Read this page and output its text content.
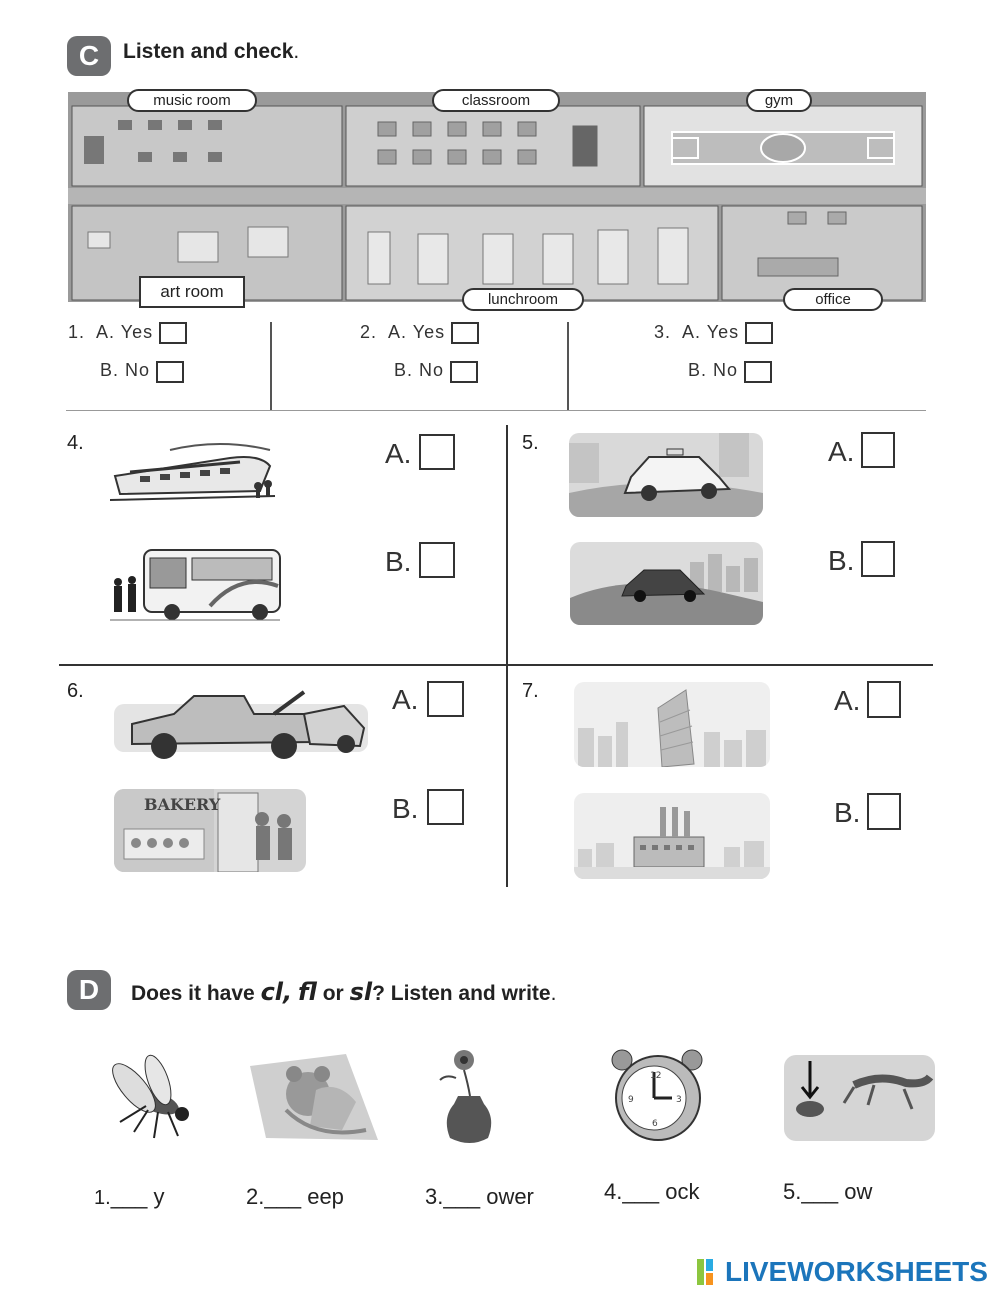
C Listen and check.
music room	classroom	gym
art room	lunchroom	office
1. A. Yes
B. No
2. A. Yes
B. No
3. A. Yes
B. No
4.	A.
B.
5.	A.
B.
6.	A.
BAKERY	B.
7.	A.
B.
D Does it have cl, fl or sl? Listen and write.
12
3
6
9
1.___ y	2.___ eep	3.___ ower	4.___ ock	5.___ ow
LIVEWORKSHEETS
